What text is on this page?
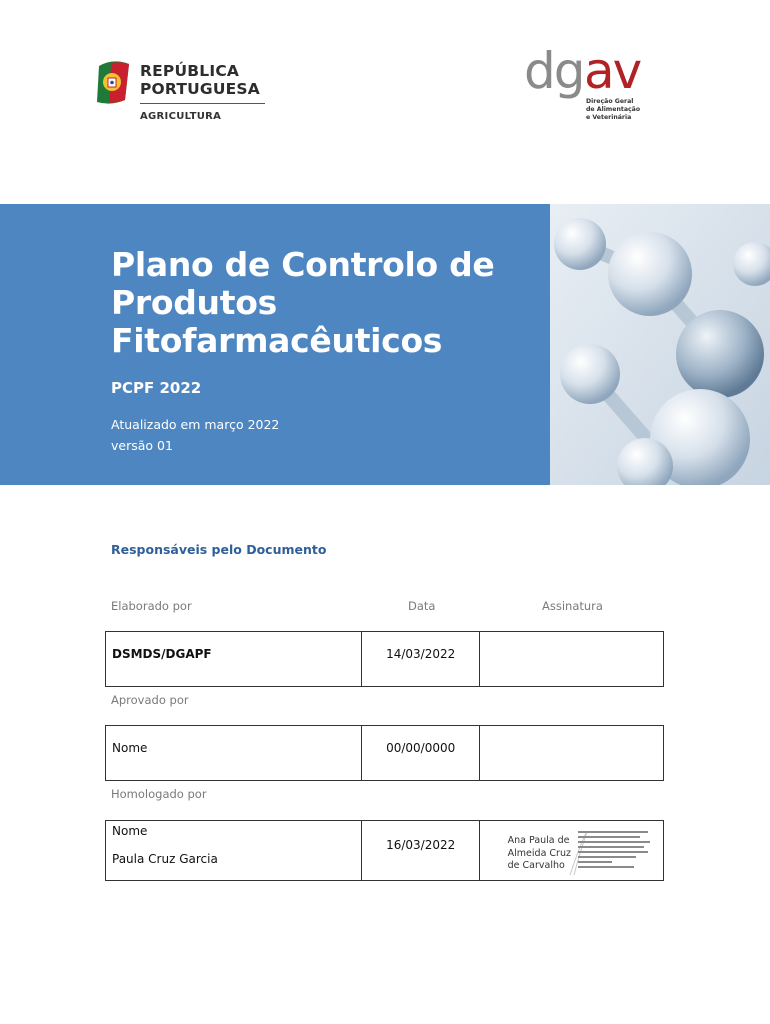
REPÚBLICA
PORTUGUESA
AGRICULTURA
dg av
Direção Geral
de Alimentação
e Veterinária
Plano de Controlo de Produtos Fitofarmacêuticos
PCPF 2022
Atualizado em março 2022
versão 01
Responsáveis pelo Documento
Elaborado por	Data	Assinatura
DSMDS/DGAPF	14/03/2022
Aprovado por
Nome	00/00/0000
Homologado por
Nome
Paula Cruz Garcia
16/03/2022	Ana Paula de Almeida Cruz de Carvalho
